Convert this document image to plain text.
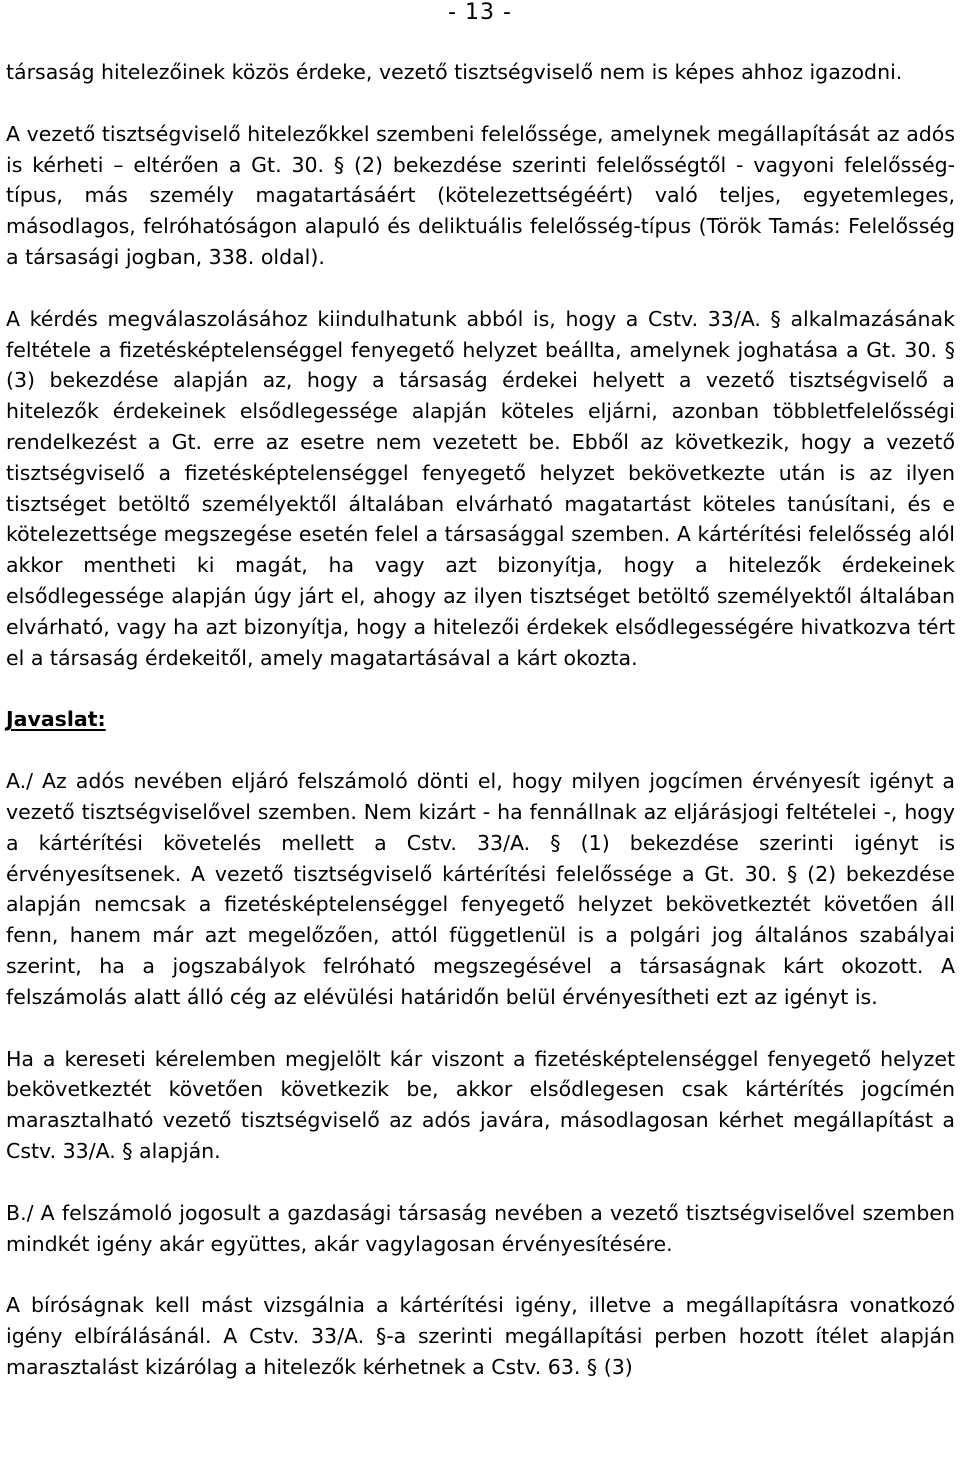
- 13 -

társaság hitelezőinek közös érdeke, vezető tisztségviselő nem is képes ahhoz igazodni.

A vezető tisztségviselő hitelezőkkel szembeni felelőssége, amelynek megállapítását az adós is kérheti – eltérően a Gt. 30. § (2) bekezdése szerinti felelősségtől - vagyoni felelősség-típus, más személy magatartásáért (kötelezettségéért) való teljes, egyetemleges, másodlagos, felróhatóságon alapuló és deliktuális felelősség-típus (Török Tamás: Felelősség a társasági jogban, 338. oldal).

A kérdés megválaszolásához kiindulhatunk abból is, hogy a Cstv. 33/A. § alkalmazásának feltétele a fizetésképtelenséggel fenyegető helyzet beállta, amelynek joghatása a Gt. 30. § (3) bekezdése alapján az, hogy a társaság érdekei helyett a vezető tisztségviselő a hitelezők érdekeinek elsődlegessége alapján köteles eljárni, azonban többletfelelősségi rendelkezést a Gt. erre az esetre nem vezetett be. Ebből az következik, hogy a vezető tisztségviselő a fizetésképtelenséggel fenyegető helyzet bekövetkezte után is az ilyen tisztséget betöltő személyektől általában elvárható magatartást köteles tanúsítani, és e kötelezettsége megszegése esetén felel a társasággal szemben. A kártérítési felelősség alól akkor mentheti ki magát, ha vagy azt bizonyítja, hogy a hitelezők érdekeinek elsődlegessége alapján úgy járt el, ahogy az ilyen tisztséget betöltő személyektől általában elvárható, vagy ha azt bizonyítja, hogy a hitelezői érdekek elsődlegességére hivatkozva tért el a társaság érdekeitől, amely magatartásával a kárt okozta.

Javaslat:

A./ Az adós nevében eljáró felszámoló dönti el, hogy milyen jogcímen érvényesít igényt a vezető tisztségviselővel szemben. Nem kizárt - ha fennállnak az eljárásjogi feltételei -, hogy a kártérítési követelés mellett a Cstv. 33/A. § (1) bekezdése szerinti igényt is érvényesítsenek. A vezető tisztségviselő kártérítési felelőssége a Gt. 30. § (2) bekezdése alapján nemcsak a fizetésképtelenséggel fenyegető helyzet bekövetkeztét követően áll fenn, hanem már azt megelőzően, attól függetlenül is a polgári jog általános szabályai szerint, ha a jogszabályok felróható megszegésével a társaságnak kárt okozott. A felszámolás alatt álló cég az elévülési határidőn belül érvényesítheti ezt az igényt is.

Ha a kereseti kérelemben megjelölt kár viszont a fizetésképtelenséggel fenyegető helyzet bekövetkeztét követően következik be, akkor elsődlegesen csak kártérítés jogcímén marasztalható vezető tisztségviselő az adós javára, másodlagosan kérhet megállapítást a Cstv. 33/A. § alapján.

B./ A felszámoló jogosult a gazdasági társaság nevében a vezető tisztségviselővel szemben mindkét igény akár együttes, akár vagylagosan érvényesítésére.

A bíróságnak kell mást vizsgálnia a kártérítési igény, illetve a megállapításra vonatkozó igény elbírálásánál. A Cstv. 33/A. §-a szerinti megállapítási perben hozott ítélet alapján marasztalást kizárólag a hitelezők kérhetnek a Cstv. 63. § (3)
